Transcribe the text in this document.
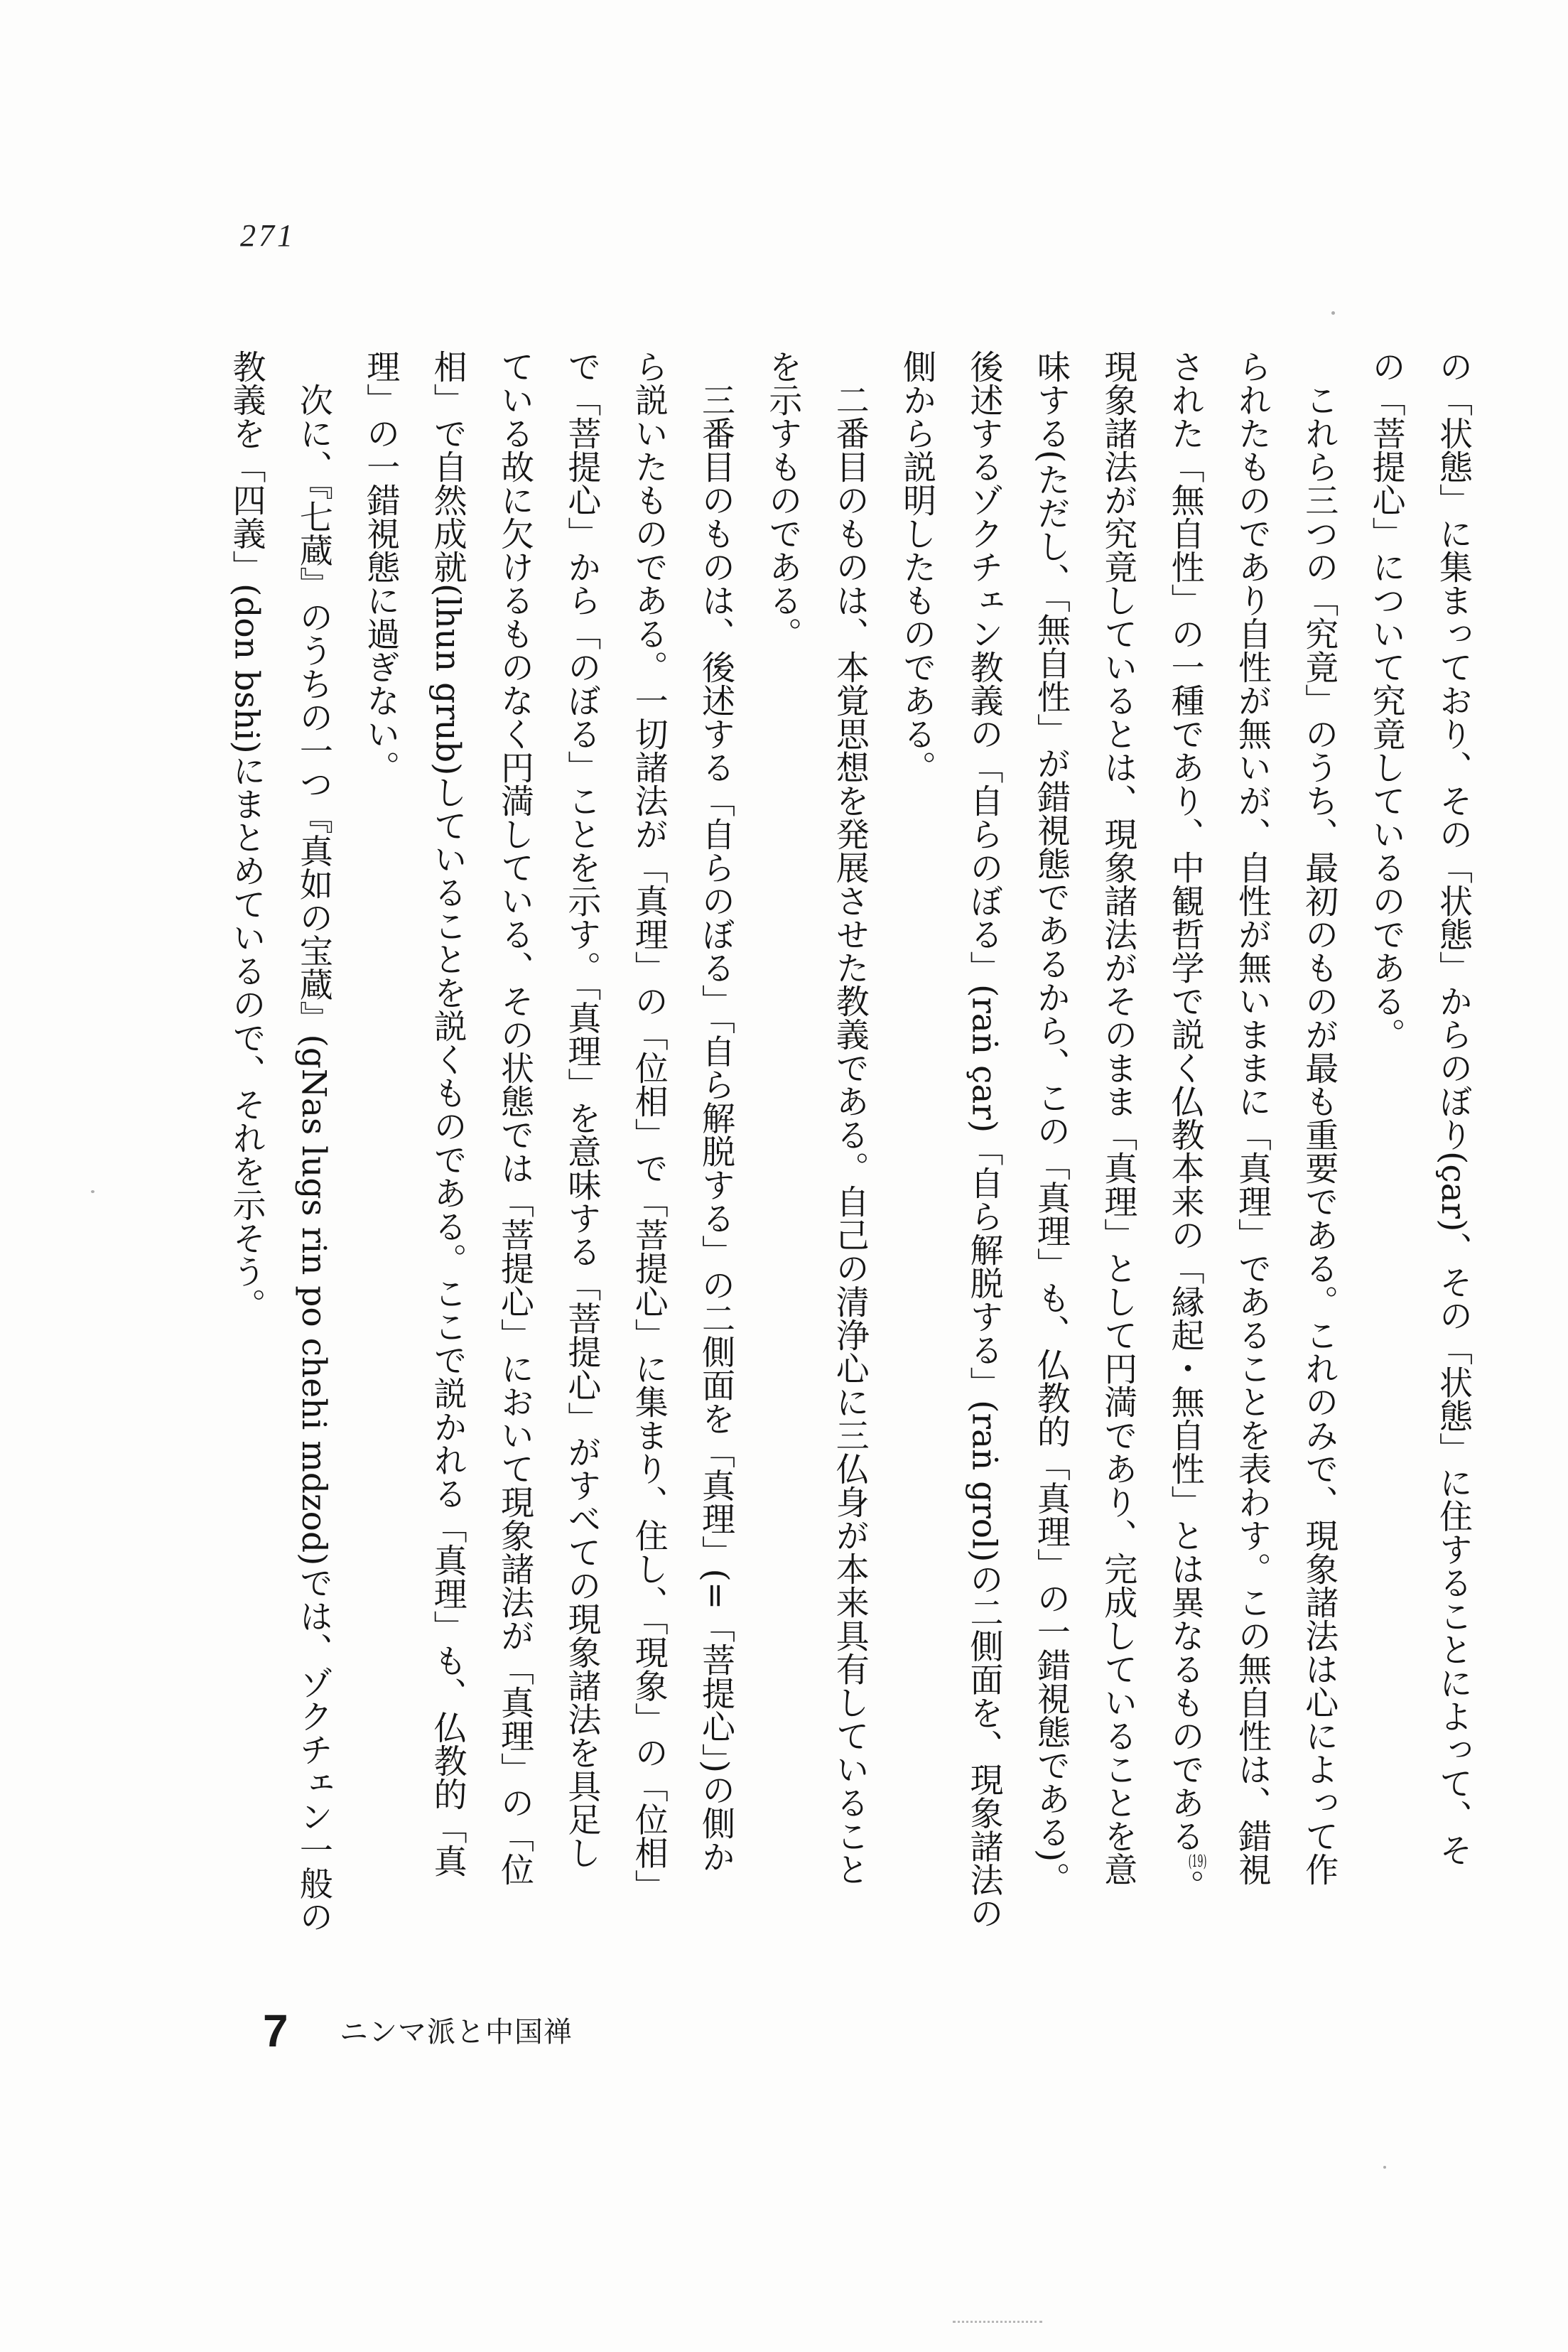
271
の「状態」に集まっており、その「状態」からのぼり(çar)、その「状態」に住することによって、そ
の「菩提心」について究竟しているのである。
これら三つの「究竟」のうち、最初のものが最も重要である。これのみで、現象諸法は心によって作
られたものであり自性が無いが、自性が無いままに「真理」であることを表わす。この無自性は、錯視
された「無自性」の一種であり、中観哲学で説く仏教本来の「縁起・無自性」とは異なるものである(19)。
現象諸法が究竟しているとは、現象諸法がそのまま「真理」として円満であり、完成していることを意
味する(ただし、「無自性」が錯視態であるから、この「真理」も、仏教的「真理」の一錯視態である)。
後述するゾクチェン教義の「自らのぼる」(raṅ çar)「自ら解脱する」(raṅ grol)の二側面を、現象諸法の
側から説明したものである。
二番目のものは、本覚思想を発展させた教義である。自己の清浄心に三仏身が本来具有していること
を示すものである。
三番目のものは、後述する「自らのぼる」「自ら解脱する」の二側面を「真理」(=「菩提心」)の側か
ら説いたものである。一切諸法が「真理」の「位相」で「菩提心」に集まり、住し、「現象」の「位相」
で「菩提心」から「のぼる」ことを示す。「真理」を意味する「菩提心」がすべての現象諸法を具足し
ている故に欠けるものなく円満している、その状態では「菩提心」において現象諸法が「真理」の「位
相」で自然成就(lhun grub)していることを説くものである。ここで説かれる「真理」も、仏教的「真
理」の一錯視態に過ぎない。
次に、『七蔵』のうちの一つ『真如の宝蔵』(gNas lugs rin po chehi mdzod)では、ゾクチェン一般の
教義を「四義」(don bshi)にまとめているので、それを示そう。
7 ニンマ派と中国禅
